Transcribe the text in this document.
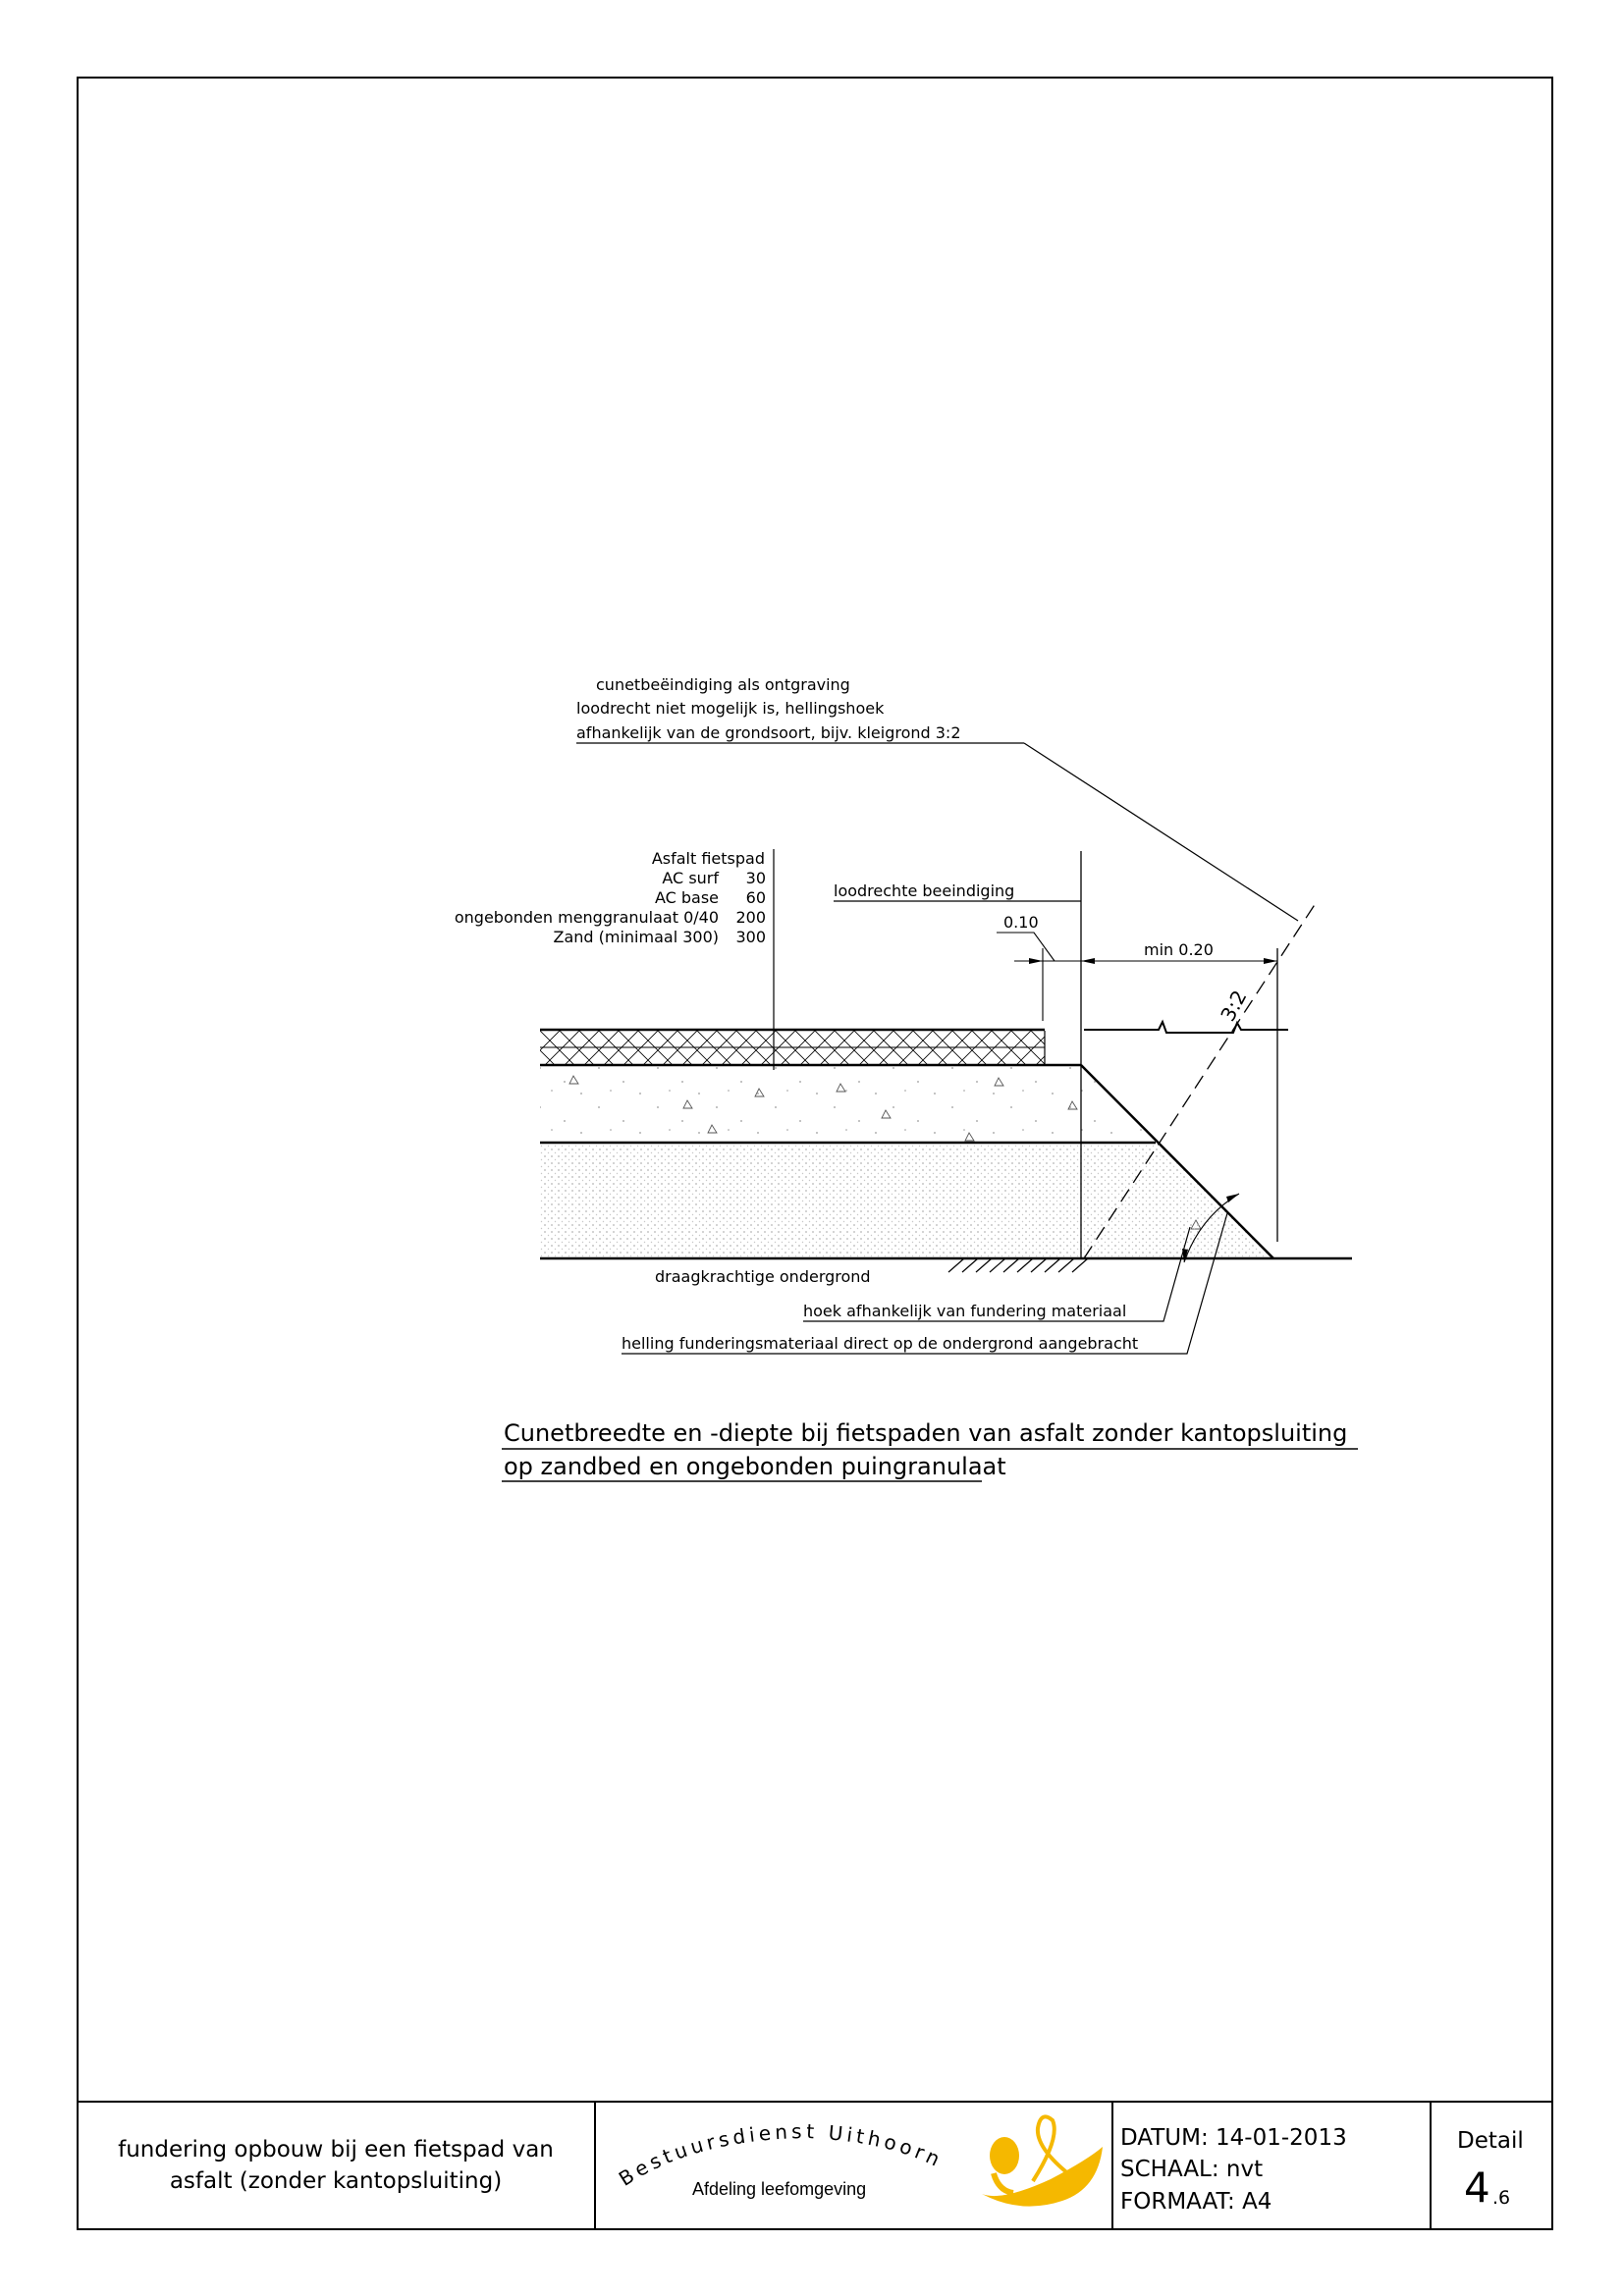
cunetbeëindiging als ontgraving
loodrecht niet mogelijk is, hellingshoek
afhankelijk van de grondsoort, bijv. kleigrond 3:2
Asfalt fietspad
AC surf 30
AC base 60
ongebonden menggranulaat 0/40 200
Zand (minimaal 300) 300
loodrechte beeindiging
0.10
min 0.20
3:2
draagkrachtige ondergrond
hoek afhankelijk van fundering materiaal
helling funderingsmateriaal direct op de ondergrond aangebracht
Cunetbreedte en -diepte bij fietspaden van asfalt zonder kantopsluiting
op zandbed en ongebonden puingranulaat
fundering opbouw bij een fietspad van
asfalt (zonder kantopsluiting)	Bestuursdienst Uithoorn
Afdeling leefomgeving
DATUM: 14-01-2013
SCHAAL: nvt
FORMAAT: A4
Detail
4 .6
